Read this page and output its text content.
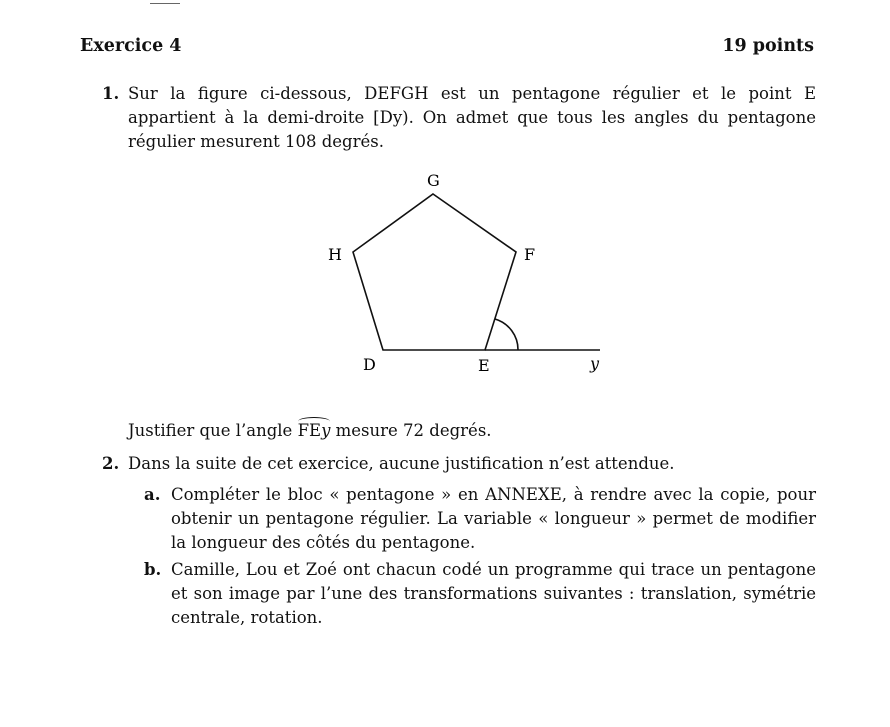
Exercice 4	19 points
1. Sur la figure ci-dessous, DEFGH est un pentagone régulier et le point E appartient à la demi-droite [Dy). On admet que tous les angles du pentagone régulier mesurent 108 degrés.
G
H	F
D	E	y
Justifier que l’angle FEy mesure 72 degrés.
2. Dans la suite de cet exercice, aucune justification n’est attendue.
a. Compléter le bloc « pentagone » en ANNEXE, à rendre avec la copie, pour obtenir un pentagone régulier. La variable « longueur » permet de modifier la longueur des côtés du pentagone.
b. Camille, Lou et Zoé ont chacun codé un programme qui trace un pentagone et son image par l’une des transformations suivantes : translation, symétrie centrale, rotation.
